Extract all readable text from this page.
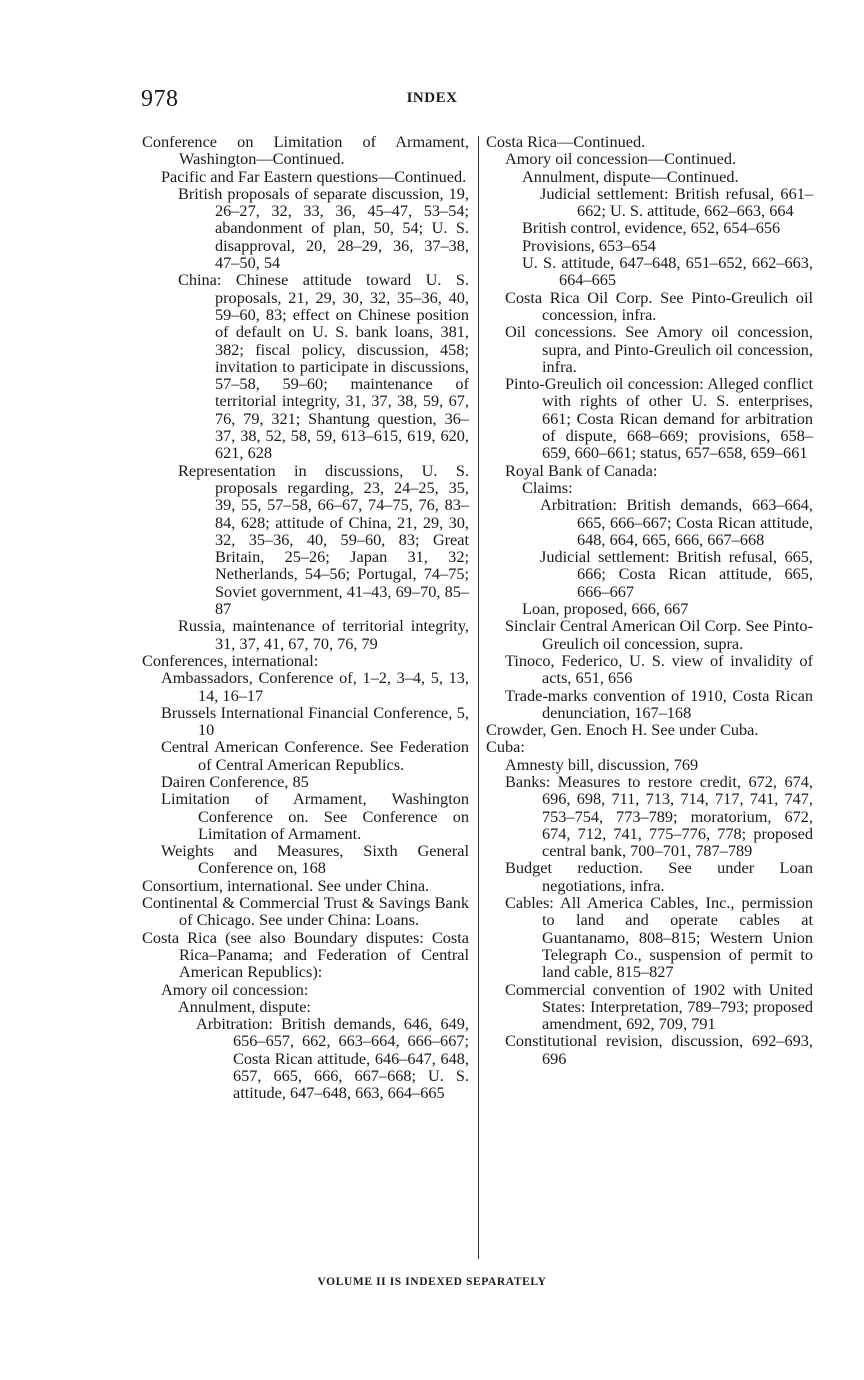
978	INDEX
Conference on Limitation of Armament, Washington—Continued.
Pacific and Far Eastern questions—Continued.
British proposals of separate discussion, 19, 26–27, 32, 33, 36, 45–47, 53–54; abandonment of plan, 50, 54; U. S. disapproval, 20, 28–29, 36, 37–38, 47–50, 54
China: Chinese attitude toward U. S. proposals, 21, 29, 30, 32, 35–36, 40, 59–60, 83; effect on Chinese position of default on U. S. bank loans, 381, 382; fiscal policy, discussion, 458; invitation to participate in discussions, 57–58, 59–60; maintenance of territorial integrity, 31, 37, 38, 59, 67, 76, 79, 321; Shantung question, 36–37, 38, 52, 58, 59, 613–615, 619, 620, 621, 628
Representation in discussions, U. S. proposals regarding, 23, 24–25, 35, 39, 55, 57–58, 66–67, 74–75, 76, 83–84, 628; attitude of China, 21, 29, 30, 32, 35–36, 40, 59–60, 83; Great Britain, 25–26; Japan 31, 32; Netherlands, 54–56; Portugal, 74–75; Soviet government, 41–43, 69–70, 85–87
Russia, maintenance of territorial integrity, 31, 37, 41, 67, 70, 76, 79
Conferences, international:
Ambassadors, Conference of, 1–2, 3–4, 5, 13, 14, 16–17
Brussels International Financial Conference, 5, 10
Central American Conference. See Federation of Central American Republics.
Dairen Conference, 85
Limitation of Armament, Washington Conference on. See Conference on Limitation of Armament.
Weights and Measures, Sixth General Conference on, 168
Consortium, international. See under China.
Continental & Commercial Trust & Savings Bank of Chicago. See under China: Loans.
Costa Rica (see also Boundary disputes: Costa Rica–Panama; and Federation of Central American Republics):
Amory oil concession:
Annulment, dispute:
Arbitration: British demands, 646, 649, 656–657, 662, 663–664, 666–667; Costa Rican attitude, 646–647, 648, 657, 665, 666, 667–668; U. S. attitude, 647–648, 663, 664–665
Costa Rica—Continued.
Amory oil concession—Continued.
Annulment, dispute—Continued.
Judicial settlement: British refusal, 661–662; U. S. attitude, 662–663, 664
British control, evidence, 652, 654–656
Provisions, 653–654
U. S. attitude, 647–648, 651–652, 662–663, 664–665
Costa Rica Oil Corp. See Pinto-Greulich oil concession, infra.
Oil concessions. See Amory oil concession, supra, and Pinto-Greulich oil concession, infra.
Pinto-Greulich oil concession: Alleged conflict with rights of other U. S. enterprises, 661; Costa Rican demand for arbitration of dispute, 668–669; provisions, 658–659, 660–661; status, 657–658, 659–661
Royal Bank of Canada:
Claims:
Arbitration: British demands, 663–664, 665, 666–667; Costa Rican attitude, 648, 664, 665, 666, 667–668
Judicial settlement: British refusal, 665, 666; Costa Rican attitude, 665, 666–667
Loan, proposed, 666, 667
Sinclair Central American Oil Corp. See Pinto-Greulich oil concession, supra.
Tinoco, Federico, U. S. view of invalidity of acts, 651, 656
Trade-marks convention of 1910, Costa Rican denunciation, 167–168
Crowder, Gen. Enoch H. See under Cuba.
Cuba:
Amnesty bill, discussion, 769
Banks: Measures to restore credit, 672, 674, 696, 698, 711, 713, 714, 717, 741, 747, 753–754, 773–789; moratorium, 672, 674, 712, 741, 775–776, 778; proposed central bank, 700–701, 787–789
Budget reduction. See under Loan negotiations, infra.
Cables: All America Cables, Inc., permission to land and operate cables at Guantanamo, 808–815; Western Union Telegraph Co., suspension of permit to land cable, 815–827
Commercial convention of 1902 with United States: Interpretation, 789–793; proposed amendment, 692, 709, 791
Constitutional revision, discussion, 692–693, 696
VOLUME II IS INDEXED SEPARATELY
